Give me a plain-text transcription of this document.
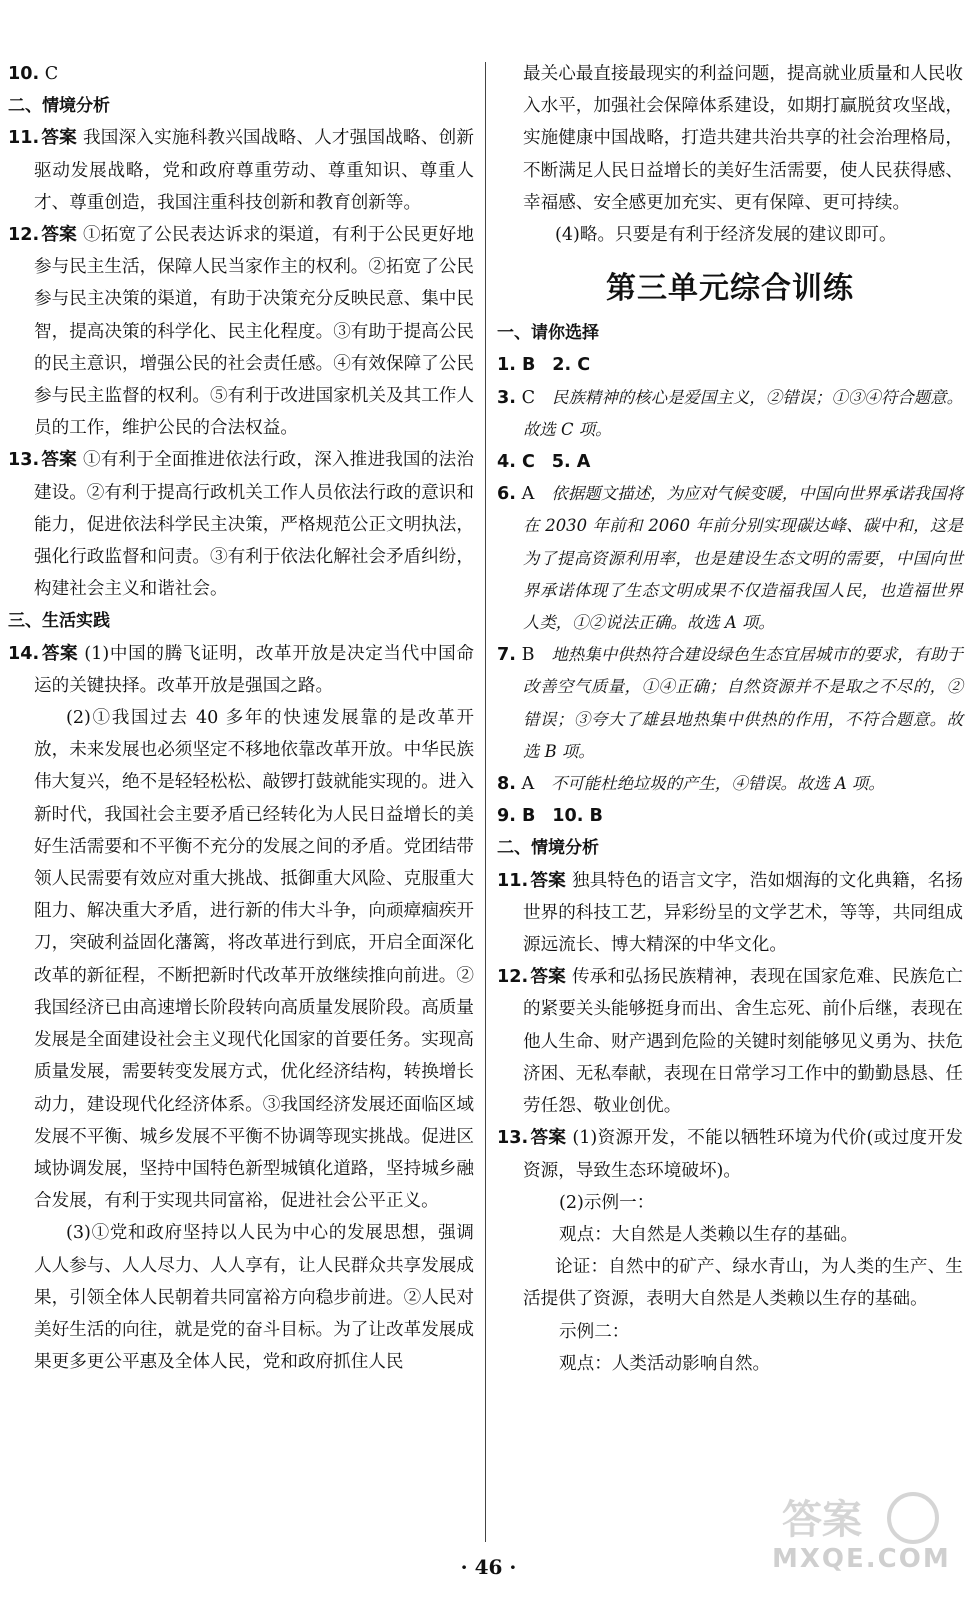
10. C

二、情境分析

11. 答案 我国深入实施科教兴国战略、人才强国战略、创新驱动发展战略，党和政府尊重劳动、尊重知识、尊重人才、尊重创造，我国注重科技创新和教育创新等。

12. 答案 ①拓宽了公民表达诉求的渠道，有利于公民更好地参与民主生活，保障人民当家作主的权利。②拓宽了公民参与民主决策的渠道，有助于决策充分反映民意、集中民智，提高决策的科学化、民主化程度。③有助于提高公民的民主意识，增强公民的社会责任感。④有效保障了公民参与民主监督的权利。⑤有利于改进国家机关及其工作人员的工作，维护公民的合法权益。

13. 答案 ①有利于全面推进依法行政，深入推进我国的法治建设。②有利于提高行政机关工作人员依法行政的意识和能力，促进依法科学民主决策，严格规范公正文明执法，强化行政监督和问责。③有利于依法化解社会矛盾纠纷，构建社会主义和谐社会。

三、生活实践

14. 答案 (1)中国的腾飞证明，改革开放是决定当代中国命运的关键抉择。改革开放是强国之路。

(2)①我国过去 40 多年的快速发展靠的是改革开放，未来发展也必须坚定不移地依靠改革开放。中华民族伟大复兴，绝不是轻轻松松、敲锣打鼓就能实现的。进入新时代，我国社会主要矛盾已经转化为人民日益增长的美好生活需要和不平衡不充分的发展之间的矛盾。党团结带领人民需要有效应对重大挑战、抵御重大风险、克服重大阻力、解决重大矛盾，进行新的伟大斗争，向顽瘴痼疾开刀，突破利益固化藩篱，将改革进行到底，开启全面深化改革的新征程，不断把新时代改革开放继续推向前进。②我国经济已由高速增长阶段转向高质量发展阶段。高质量发展是全面建设社会主义现代化国家的首要任务。实现高质量发展，需要转变发展方式，优化经济结构，转换增长动力，建设现代化经济体系。③我国经济发展还面临区域发展不平衡、城乡发展不平衡不协调等现实挑战。促进区域协调发展，坚持中国特色新型城镇化道路，坚持城乡融合发展，有利于实现共同富裕，促进社会公平正义。

(3)①党和政府坚持以人民为中心的发展思想，强调人人参与、人人尽力、人人享有，让人民群众共享发展成果，引领全体人民朝着共同富裕方向稳步前进。②人民对美好生活的向往，就是党的奋斗目标。为了让改革发展成果更多更公平惠及全体人民，党和政府抓住人民

最关心最直接最现实的利益问题，提高就业质量和人民收入水平，加强社会保障体系建设，如期打赢脱贫攻坚战，实施健康中国战略，打造共建共治共享的社会治理格局，不断满足人民日益增长的美好生活需要，使人民获得感、幸福感、安全感更加充实、更有保障、更可持续。

(4)略。只要是有利于经济发展的建议即可。

第三单元综合训练

一、请你选择

1. B 2. C

3. C 民族精神的核心是爱国主义，②错误；①③④符合题意。故选 C 项。

4. C 5. A

6. A 依据题文描述，为应对气候变暖，中国向世界承诺我国将在 2030 年前和 2060 年前分别实现碳达峰、碳中和，这是为了提高资源利用率，也是建设生态文明的需要，中国向世界承诺体现了生态文明成果不仅造福我国人民，也造福世界人类，①②说法正确。故选 A 项。

7. B 地热集中供热符合建设绿色生态宜居城市的要求，有助于改善空气质量，①④正确；自然资源并不是取之不尽的，②错误；③夸大了雄县地热集中供热的作用，不符合题意。故选 B 项。

8. A 不可能杜绝垃圾的产生，④错误。故选 A 项。

9. B 10. B

二、情境分析

11. 答案 独具特色的语言文字，浩如烟海的文化典籍，名扬世界的科技工艺，异彩纷呈的文学艺术，等等，共同组成源远流长、博大精深的中华文化。

12. 答案 传承和弘扬民族精神，表现在国家危难、民族危亡的紧要关头能够挺身而出、舍生忘死、前仆后继，表现在他人生命、财产遇到危险的关键时刻能够见义勇为、扶危济困、无私奉献，表现在日常学习工作中的勤勤恳恳、任劳任怨、敬业创优。

13. 答案 (1)资源开发，不能以牺牲环境为代价(或过度开发资源，导致生态环境破坏)。

(2)示例一：

观点：大自然是人类赖以生存的基础。

论证：自然中的矿产、绿水青山，为人类的生产、生活提供了资源，表明大自然是人类赖以生存的基础。

示例二：

观点：人类活动影响自然。

· 46 ·
答案
MXQE.COM
